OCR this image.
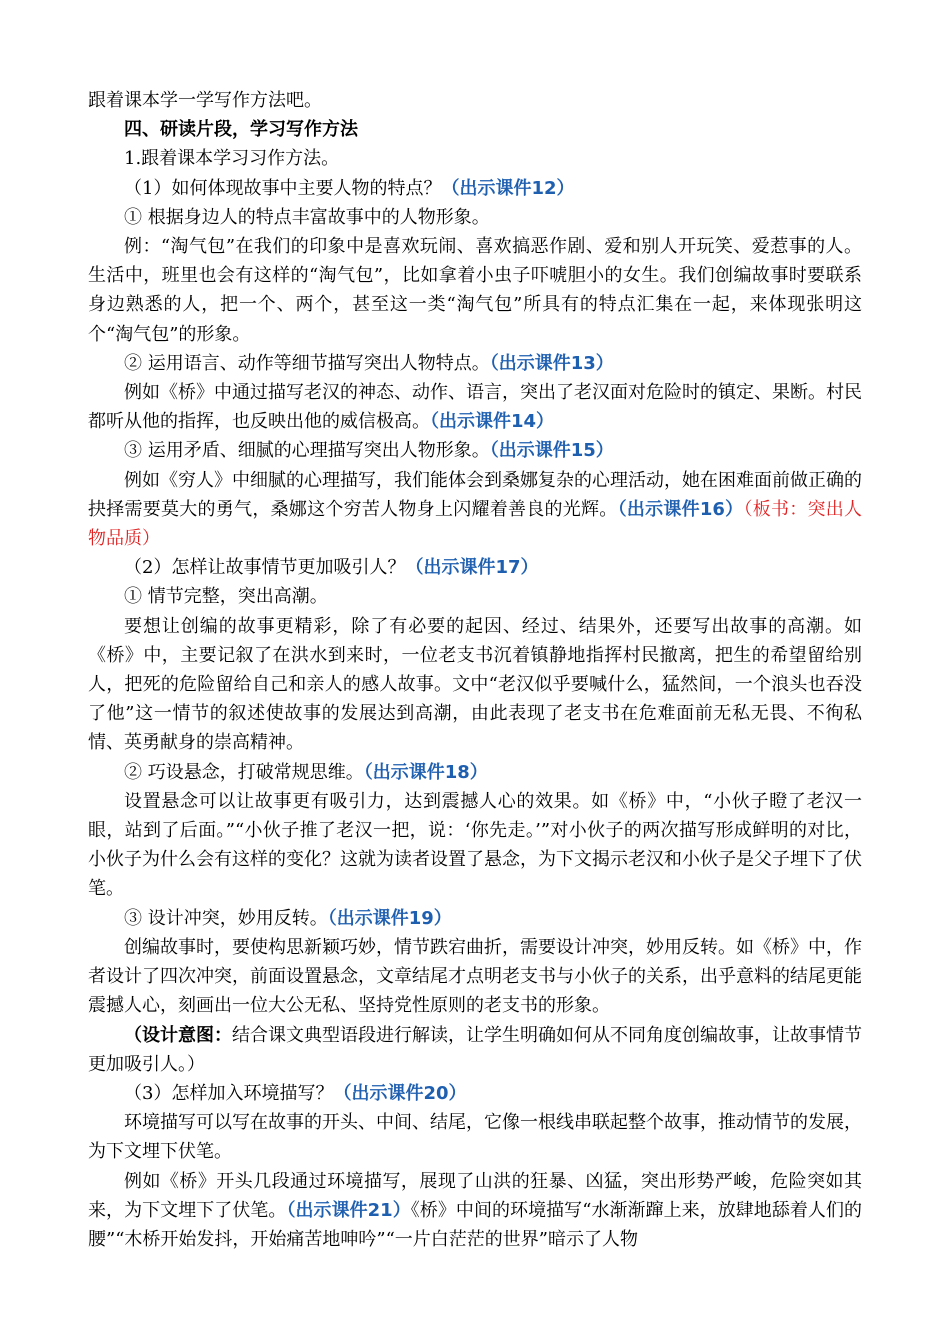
跟着课本学一学写作方法吧。

四、研读片段，学习写作方法

1.跟着课本学习习作方法。

（1）如何体现故事中主要人物的特点？（出示课件12）

① 根据身边人的特点丰富故事中的人物形象。

例：“淘气包”在我们的印象中是喜欢玩闹、喜欢搞恶作剧、爱和别人开玩笑、爱惹事的人。生活中，班里也会有这样的“淘气包”，比如拿着小虫子吓唬胆小的女生。我们创编故事时要联系身边熟悉的人，把一个、两个，甚至这一类“淘气包”所具有的特点汇集在一起，来体现张明这个“淘气包”的形象。

② 运用语言、动作等细节描写突出人物特点。（出示课件13）

例如《桥》中通过描写老汉的神态、动作、语言，突出了老汉面对危险时的镇定、果断。村民都听从他的指挥，也反映出他的威信极高。（出示课件14）

③ 运用矛盾、细腻的心理描写突出人物形象。（出示课件15）

例如《穷人》中细腻的心理描写，我们能体会到桑娜复杂的心理活动，她在困难面前做正确的抉择需要莫大的勇气，桑娜这个穷苦人物身上闪耀着善良的光辉。（出示课件16）（板书：突出人物品质）

（2）怎样让故事情节更加吸引人？（出示课件17）

① 情节完整，突出高潮。

要想让创编的故事更精彩，除了有必要的起因、经过、结果外，还要写出故事的高潮。如《桥》中，主要记叙了在洪水到来时，一位老支书沉着镇静地指挥村民撤离，把生的希望留给别人，把死的危险留给自己和亲人的感人故事。文中“老汉似乎要喊什么，猛然间，一个浪头也吞没了他”这一情节的叙述使故事的发展达到高潮，由此表现了老支书在危难面前无私无畏、不徇私情、英勇献身的崇高精神。

② 巧设悬念，打破常规思维。（出示课件18）

设置悬念可以让故事更有吸引力，达到震撼人心的效果。如《桥》中，“小伙子瞪了老汉一眼，站到了后面。”“小伙子推了老汉一把，说：‘你先走。’”对小伙子的两次描写形成鲜明的对比，小伙子为什么会有这样的变化？这就为读者设置了悬念，为下文揭示老汉和小伙子是父子埋下了伏笔。

③ 设计冲突，妙用反转。（出示课件19）

创编故事时，要使构思新颖巧妙，情节跌宕曲折，需要设计冲突，妙用反转。如《桥》中，作者设计了四次冲突，前面设置悬念，文章结尾才点明老支书与小伙子的关系，出乎意料的结尾更能震撼人心，刻画出一位大公无私、坚持党性原则的老支书的形象。

（设计意图：结合课文典型语段进行解读，让学生明确如何从不同角度创编故事，让故事情节更加吸引人。）

（3）怎样加入环境描写？（出示课件20）

环境描写可以写在故事的开头、中间、结尾，它像一根线串联起整个故事，推动情节的发展，为下文埋下伏笔。

例如《桥》开头几段通过环境描写，展现了山洪的狂暴、凶猛，突出形势严峻，危险突如其来，为下文埋下了伏笔。（出示课件21）《桥》中间的环境描写“水渐渐蹿上来，放肆地舔着人们的腰”“木桥开始发抖，开始痛苦地呻吟”“一片白茫茫的世界”暗示了人物
